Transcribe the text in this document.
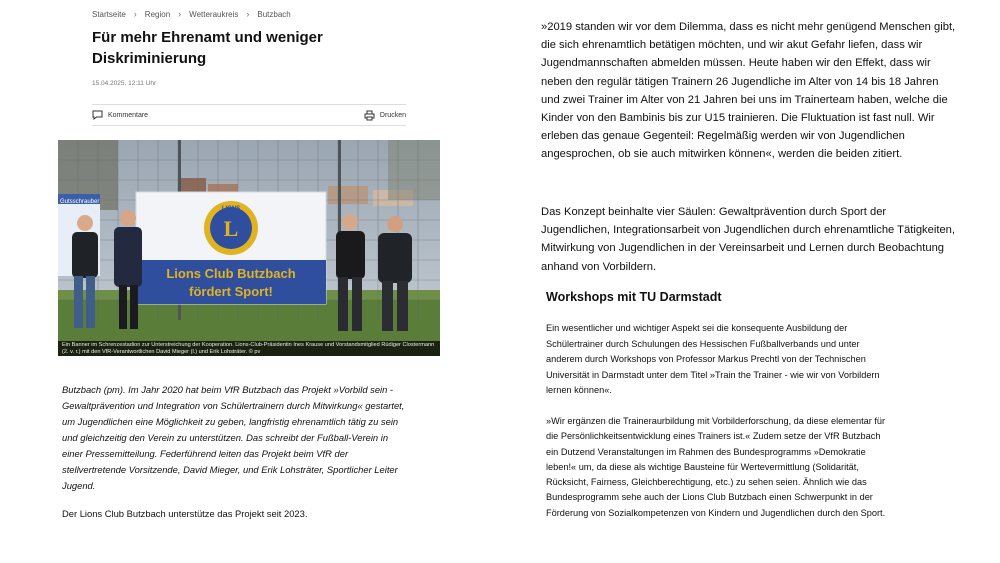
Startseite › Region › Wetteraukreis › Butzbach
Für mehr Ehrenamt und weniger Diskriminierung
15.04.2025, 12:11 Uhr
Kommentare	Drucken
Gutsschrauber
LIONS
L
Lions Club Butzbach
fördert Sport!
Ein Banner im Schrenzestadion zur Unterstreichung der Kooperation. Lions-Club-Präsidentin Ines Krause und Vorstandsmitglied Rüdiger Clostermann (2. v. r.) mit den VfR-Verantwortlichen David Mieger (l.) und Erik Lohsträter. © pv

Butzbach (pm). Im Jahr 2020 hat beim VfR Butzbach das Projekt »Vorbild sein - Gewaltprävention und Integration von Schülertrainern durch Mitwirkung« gestartet, um Jugendlichen eine Möglichkeit zu geben, langfristig ehrenamtlich tätig zu sein und gleichzeitig den Verein zu unterstützen. Das schreibt der Fußball-Verein in einer Pressemitteilung. Federführend leiten das Projekt beim VfR der stellvertretende Vorsitzende, David Mieger, und Erik Lohsträter, Sportlicher Leiter Jugend.

Der Lions Club Butzbach unterstütze das Projekt seit 2023.

»2019 standen wir vor dem Dilemma, dass es nicht mehr genügend Menschen gibt, die sich ehrenamtlich betätigen möchten, und wir akut Gefahr liefen, dass wir Jugendmannschaften abmelden müssen. Heute haben wir den Effekt, dass wir neben den regulär tätigen Trainern 26 Jugendliche im Alter von 14 bis 18 Jahren und zwei Trainer im Alter von 21 Jahren bei uns im Trainerteam haben, welche die Kinder von den Bambinis bis zur U15 trainieren. Die Fluktuation ist fast null. Wir erleben das genaue Gegenteil: Regelmäßig werden wir von Jugendlichen angesprochen, ob sie auch mitwirken können«, werden die beiden zitiert.

Das Konzept beinhalte vier Säulen: Gewaltprävention durch Sport der Jugendlichen, Integrationsarbeit von Jugendlichen durch ehrenamtliche Tätigkeiten, Mitwirkung von Jugendlichen in der Vereinsarbeit und Lernen durch Beobachtung anhand von Vorbildern.

Workshops mit TU Darmstadt

Ein wesentlicher und wichtiger Aspekt sei die konsequente Ausbildung der Schülertrainer durch Schulungen des Hessischen Fußballverbands und unter anderem durch Workshops von Professor Markus Prechtl von der Technischen Universität in Darmstadt unter dem Titel »Train the Trainer - wie wir von Vorbildern lernen können«.

»Wir ergänzen die Traineraurbildung mit Vorbilderforschung, da diese elementar für die Persönlichkeitsentwicklung eines Trainers ist.« Zudem setze der VfR Butzbach ein Dutzend Veranstaltungen im Rahmen des Bundesprogramms »Demokratie leben!« um, da diese als wichtige Bausteine für Wertevermittlung (Solidarität, Rücksicht, Fairness, Gleichberechtigung, etc.) zu sehen seien. Ähnlich wie das Bundesprogramm sehe auch der Lions Club Butzbach einen Schwerpunkt in der Förderung von Sozialkompetenzen von Kindern und Jugendlichen durch den Sport.
